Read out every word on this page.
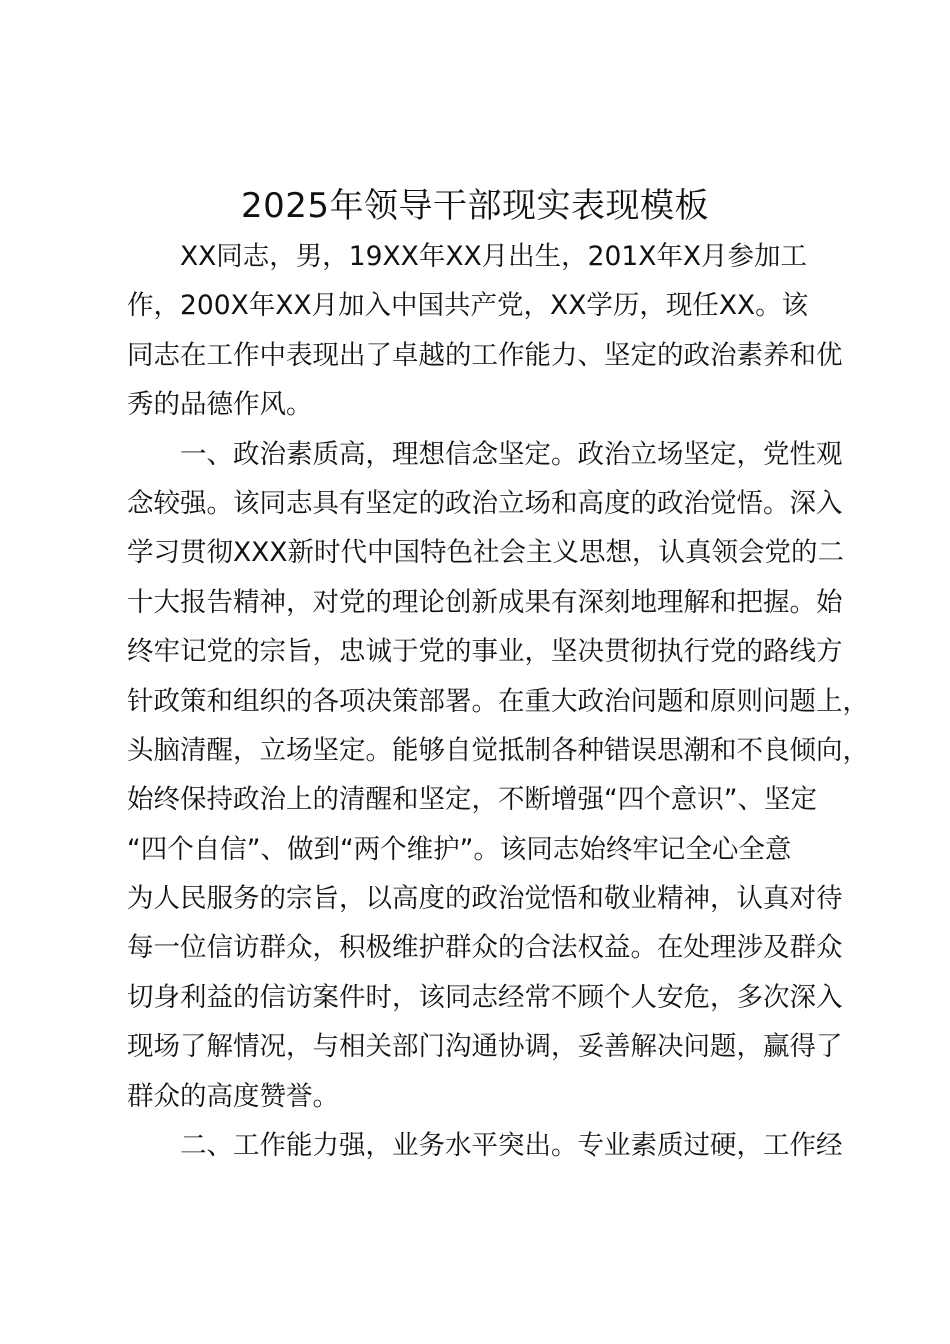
2025年领导干部现实表现模板
XX同志，男，19XX年XX月出生，201X年X月参加工
作，200X年XX月加入中国共产党，XX学历，现任XX。该
同志在工作中表现出了卓越的工作能力、坚定的政治素养和优
秀的品德作风。
一、政治素质高，理想信念坚定。政治立场坚定，党性观
念较强。该同志具有坚定的政治立场和高度的政治觉悟。深入
学习贯彻XXX新时代中国特色社会主义思想，认真领会党的二
十大报告精神，对党的理论创新成果有深刻地理解和把握。始
终牢记党的宗旨，忠诚于党的事业，坚决贯彻执行党的路线方
针政策和组织的各项决策部署。在重大政治问题和原则问题上，
头脑清醒，立场坚定。能够自觉抵制各种错误思潮和不良倾向，
始终保持政治上的清醒和坚定，不断增强“四个意识”、坚定
“四个自信”、做到“两个维护”。该同志始终牢记全心全意
为人民服务的宗旨，以高度的政治觉悟和敬业精神，认真对待
每一位信访群众，积极维护群众的合法权益。在处理涉及群众
切身利益的信访案件时，该同志经常不顾个人安危，多次深入
现场了解情况，与相关部门沟通协调，妥善解决问题，赢得了
群众的高度赞誉。
二、工作能力强，业务水平突出。专业素质过硬，工作经
